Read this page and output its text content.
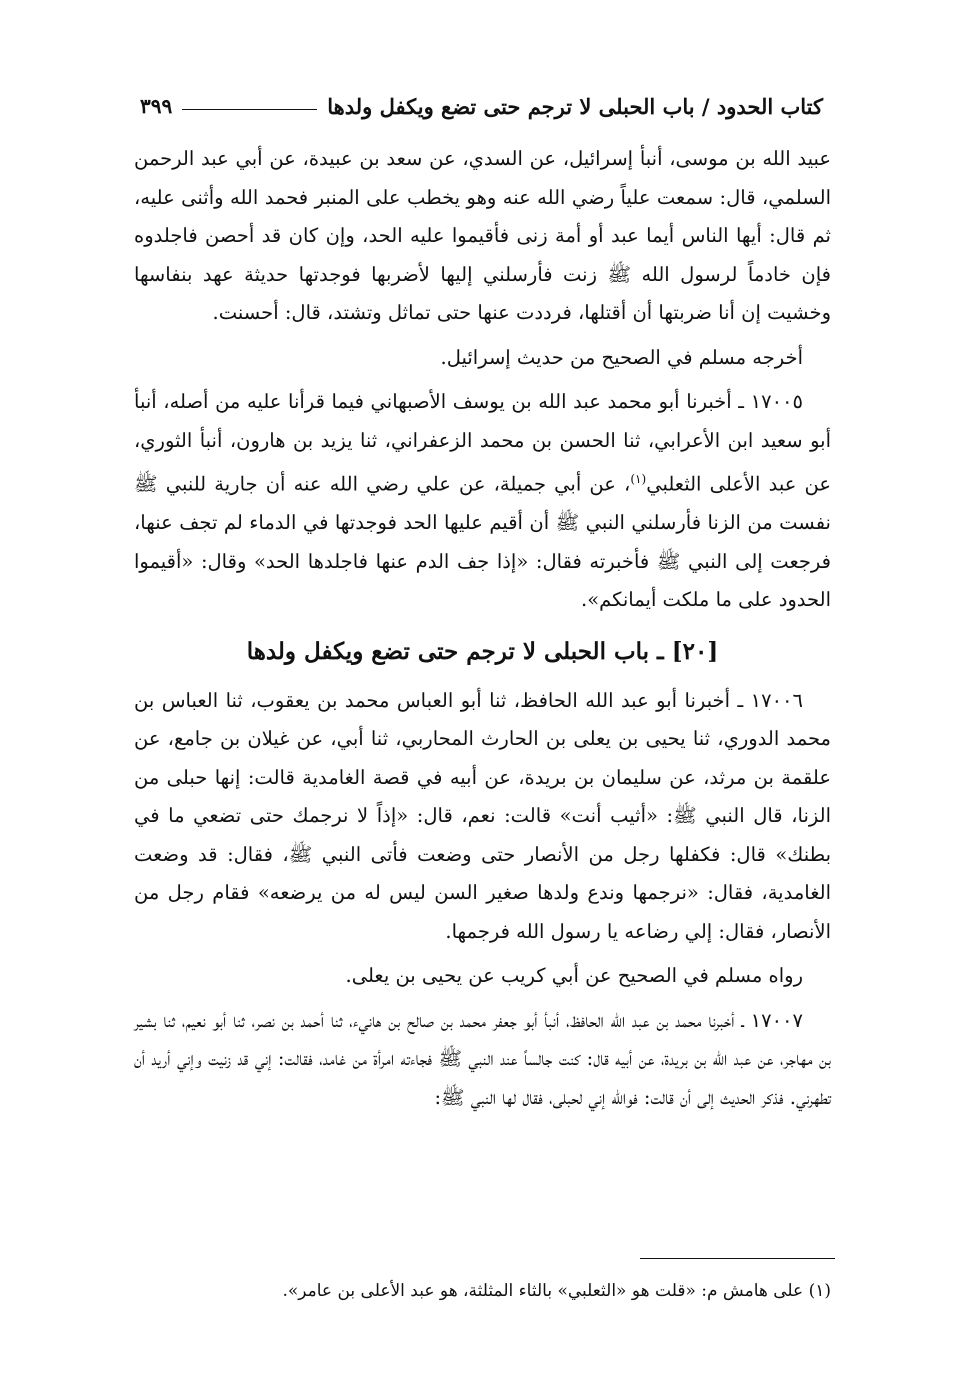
كتاب الحدود / باب الحبلى لا ترجم حتى تضع ويكفل ولدها
٣٩٩

عبيد الله بن موسى، أنبأ إسرائيل، عن السدي، عن سعد بن عبيدة، عن أبي عبد الرحمن السلمي، قال: سمعت علياً رضي الله عنه وهو يخطب على المنبر فحمد الله وأثنى عليه، ثم قال: أيها الناس أيما عبد أو أمة زنى فأقيموا عليه الحد، وإن كان قد أحصن فاجلدوه فإن خادماً لرسول الله ﷺ زنت فأرسلني إليها لأضربها فوجدتها حديثة عهد بنفاسها وخشيت إن أنا ضربتها أن أقتلها، فرددت عنها حتى تماثل وتشتد، قال: أحسنت.

أخرجه مسلم في الصحيح من حديث إسرائيل.

١٧٠٠٥ ـ أخبرنا أبو محمد عبد الله بن يوسف الأصبهاني فيما قرأنا عليه من أصله، أنبأ أبو سعيد ابن الأعرابي، ثنا الحسن بن محمد الزعفراني، ثنا يزيد بن هارون، أنبأ الثوري، عن عبد الأعلى الثعلبي$^{(١)}$، عن أبي جميلة، عن علي رضي الله عنه أن جارية للنبي ﷺ نفست من الزنا فأرسلني النبي ﷺ أن أقيم عليها الحد فوجدتها في الدماء لم تجف عنها، فرجعت إلى النبي ﷺ فأخبرته فقال: «إذا جف الدم عنها فاجلدها الحد» وقال: «أقيموا الحدود على ما ملكت أيمانكم».

[٢٠] ـ باب الحبلى لا ترجم حتى تضع ويكفل ولدها

١٧٠٠٦ ـ أخبرنا أبو عبد الله الحافظ، ثنا أبو العباس محمد بن يعقوب، ثنا العباس بن محمد الدوري، ثنا يحيى بن يعلى بن الحارث المحاربي، ثنا أبي، عن غيلان بن جامع، عن علقمة بن مرثد، عن سليمان بن بريدة، عن أبيه في قصة الغامدية قالت: إنها حبلى من الزنا، قال النبي ﷺ: «أثيب أنت» قالت: نعم، قال: «إذاً لا نرجمك حتى تضعي ما في بطنك» قال: فكفلها رجل من الأنصار حتى وضعت فأتى النبي ﷺ، فقال: قد وضعت الغامدية، فقال: «نرجمها وندع ولدها صغير السن ليس له من يرضعه» فقام رجل من الأنصار، فقال: إلي رضاعه يا رسول الله فرجمها.

رواه مسلم في الصحيح عن أبي كريب عن يحيى بن يعلى.

١٧٠٠٧ ـ أخبرنا محمد بن عبد الله الحافظ، أنبأ أبو جعفر محمد بن صالح بن هانيء، ثنا أحمد بن نصر، ثنا أبو نعيم، ثنا بشير بن مهاجر، عن عبد الله بن بريدة، عن أبيه قال: كنت جالساً عند النبي ﷺ فجاءته امرأة من غامد، فقالت: إني قد زنيت وإني أريد أن تطهرني. فذكر الحديث إلى أن قالت: فوالله إني لحبلى، فقال لها النبي ﷺ:

(١) على هامش م: «قلت هو «الثعلبي» بالثاء المثلثة، هو عبد الأعلى بن عامر».
